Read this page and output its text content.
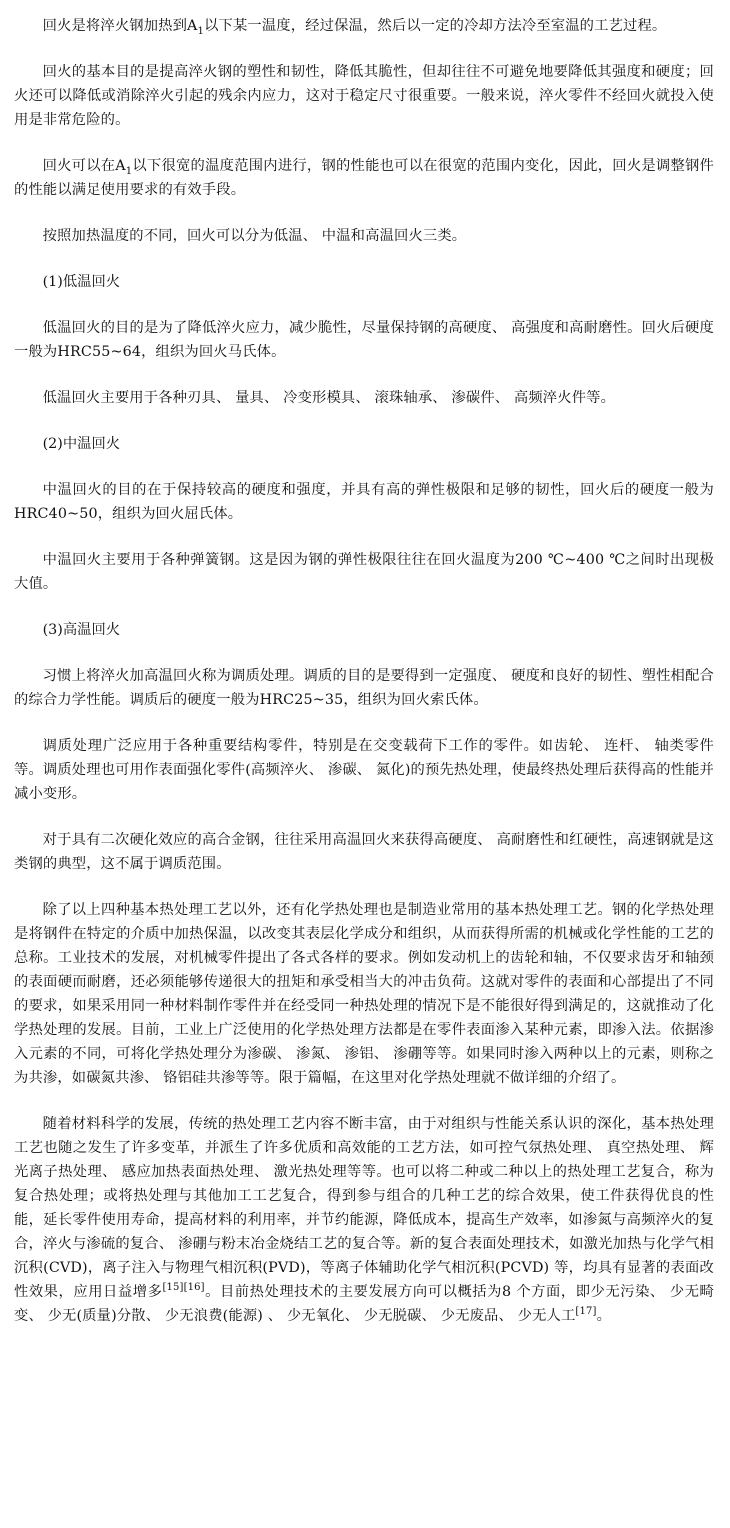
回火是将淬火钢加热到$A_1$以下某一温度，经过保温，然后以一定的冷却方法冷至室温的工艺过程。

回火的基本目的是提高淬火钢的塑性和韧性，降低其脆性，但却往往不可避免地要降低其强度和硬度；回火还可以降低或消除淬火引起的残余内应力，这对于稳定尺寸很重要。一般来说，淬火零件不经回火就投入使用是非常危险的。

回火可以在$A_1$以下很宽的温度范围内进行，钢的性能也可以在很宽的范围内变化，因此，回火是调整钢件的性能以满足使用要求的有效手段。

按照加热温度的不同，回火可以分为低温、 中温和高温回火三类。

(1)低温回火

低温回火的目的是为了降低淬火应力，减少脆性，尽量保持钢的高硬度、 高强度和高耐磨性。回火后硬度一般为HRC55~64，组织为回火马氏体。

低温回火主要用于各种刃具、 量具、 冷变形模具、 滚珠轴承、 渗碳件、 高频淬火件等。

(2)中温回火

中温回火的目的在于保持较高的硬度和强度，并具有高的弹性极限和足够的韧性，回火后的硬度一般为HRC40~50，组织为回火屈氏体。

中温回火主要用于各种弹簧钢。这是因为钢的弹性极限往往在回火温度为200 ℃~400 ℃之间时出现极大值。

(3)高温回火

习惯上将淬火加高温回火称为调质处理。调质的目的是要得到一定强度、 硬度和良好的韧性、塑性相配合的综合力学性能。调质后的硬度一般为HRC25~35，组织为回火索氏体。

调质处理广泛应用于各种重要结构零件，特别是在交变载荷下工作的零件。如齿轮、 连杆、 轴类零件等。调质处理也可用作表面强化零件(高频淬火、 渗碳、 氮化)的预先热处理，使最终热处理后获得高的性能并减小变形。

对于具有二次硬化效应的高合金钢，往往采用高温回火来获得高硬度、 高耐磨性和红硬性，高速钢就是这类钢的典型，这不属于调质范围。

除了以上四种基本热处理工艺以外，还有化学热处理也是制造业常用的基本热处理工艺。钢的化学热处理是将钢件在特定的介质中加热保温，以改变其表层化学成分和组织，从而获得所需的机械或化学性能的工艺的总称。工业技术的发展，对机械零件提出了各式各样的要求。例如发动机上的齿轮和轴，不仅要求齿牙和轴颈的表面硬而耐磨，还必须能够传递很大的扭矩和承受相当大的冲击负荷。这就对零件的表面和心部提出了不同的要求，如果采用同一种材料制作零件并在经受同一种热处理的情况下是不能很好得到满足的，这就推动了化学热处理的发展。目前，工业上广泛使用的化学热处理方法都是在零件表面渗入某种元素，即渗入法。依据渗入元素的不同，可将化学热处理分为渗碳、 渗氮、 渗铝、 渗硼等等。如果同时渗入两种以上的元素，则称之为共渗，如碳氮共渗、 铬铝硅共渗等等。限于篇幅，在这里对化学热处理就不做详细的介绍了。

随着材料科学的发展，传统的热处理工艺内容不断丰富，由于对组织与性能关系认识的深化，基本热处理工艺也随之发生了许多变革，并派生了许多优质和高效能的工艺方法，如可控气氛热处理、 真空热处理、 辉光离子热处理、 感应加热表面热处理、 激光热处理等等。也可以将二种或二种以上的热处理工艺复合，称为复合热处理；或将热处理与其他加工工艺复合，得到参与组合的几种工艺的综合效果，使工件获得优良的性能，延长零件使用寿命，提高材料的利用率，并节约能源，降低成本，提高生产效率，如渗氮与高频淬火的复合，淬火与渗硫的复合、 渗硼与粉末冶金烧结工艺的复合等。新的复合表面处理技术，如激光加热与化学气相沉积(CVD)，离子注入与物理气相沉积(PVD)，等离子体辅助化学气相沉积(PCVD) 等，均具有显著的表面改性效果，应用日益增多[15][16]。目前热处理技术的主要发展方向可以概括为8 个方面，即少无污染、 少无畸变、 少无(质量)分散、 少无浪费(能源) 、 少无氧化、 少无脱碳、 少无废品、 少无人工[17]。
